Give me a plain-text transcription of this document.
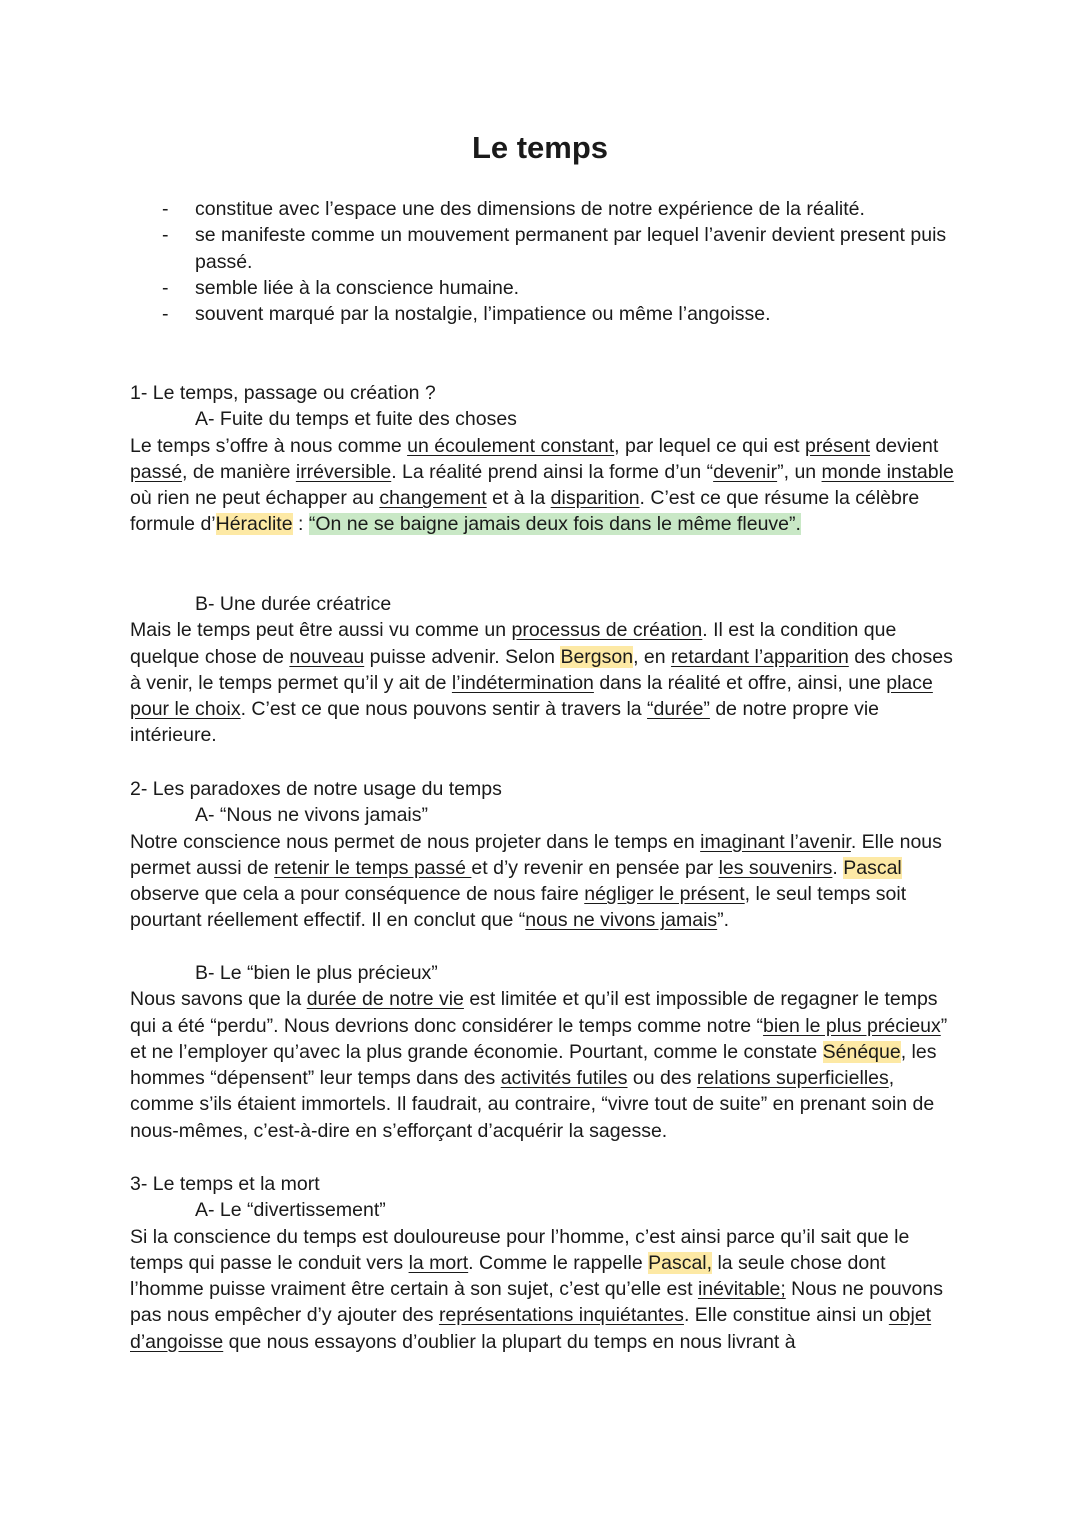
Le temps
- constitue avec l’espace une des dimensions de notre expérience de la réalité.
- se manifeste comme un mouvement permanent par lequel l’avenir devient present puis passé.
- semble liée à la conscience humaine.
- souvent marqué par la nostalgie, l’impatience ou même l’angoisse.

1- Le temps, passage ou création ?

A- Fuite du temps et fuite des choses

Le temps s’offre à nous comme un écoulement constant, par lequel ce qui est présent devient passé, de manière irréversible. La réalité prend ainsi la forme d’un “devenir”, un monde instable où rien ne peut échapper au changement et à la disparition. C’est ce que résume la célèbre formule d’Héraclite : “On ne se baigne jamais deux fois dans le même fleuve”.

B- Une durée créatrice

Mais le temps peut être aussi vu comme un processus de création. Il est la condition que quelque chose de nouveau puisse advenir. Selon Bergson, en retardant l’apparition des choses à venir, le temps permet qu’il y ait de l’indétermination dans la réalité et offre, ainsi, une place pour le choix. C’est ce que nous pouvons sentir à travers la “durée” de notre propre vie intérieure.

2- Les paradoxes de notre usage du temps

A- “Nous ne vivons jamais”

Notre conscience nous permet de nous projeter dans le temps en imaginant l’avenir. Elle nous permet aussi de retenir le temps passé et d’y revenir en pensée par les souvenirs. Pascal observe que cela a pour conséquence de nous faire négliger le présent, le seul temps soit pourtant réellement effectif. Il en conclut que “nous ne vivons jamais”.

B- Le “bien le plus précieux”

Nous savons que la durée de notre vie est limitée et qu’il est impossible de regagner le temps qui a été “perdu”. Nous devrions donc considérer le temps comme notre “bien le plus précieux” et ne l’employer qu’avec la plus grande économie. Pourtant, comme le constate Sénéque, les hommes “dépensent” leur temps dans des activités futiles ou des relations superficielles, comme s’ils étaient immortels. Il faudrait, au contraire, “vivre tout de suite” en prenant soin de nous-mêmes, c’est-à-dire en s’efforçant d’acquérir la sagesse.

3- Le temps et la mort

A- Le “divertissement”

Si la conscience du temps est douloureuse pour l’homme, c’est ainsi parce qu’il sait que le temps qui passe le conduit vers la mort. Comme le rappelle Pascal, la seule chose dont l’homme puisse vraiment être certain à son sujet, c’est qu’elle est inévitable; Nous ne pouvons pas nous empêcher d’y ajouter des représentations inquiétantes. Elle constitue ainsi un objet d’angoisse que nous essayons d’oublier la plupart du temps en nous livrant à
